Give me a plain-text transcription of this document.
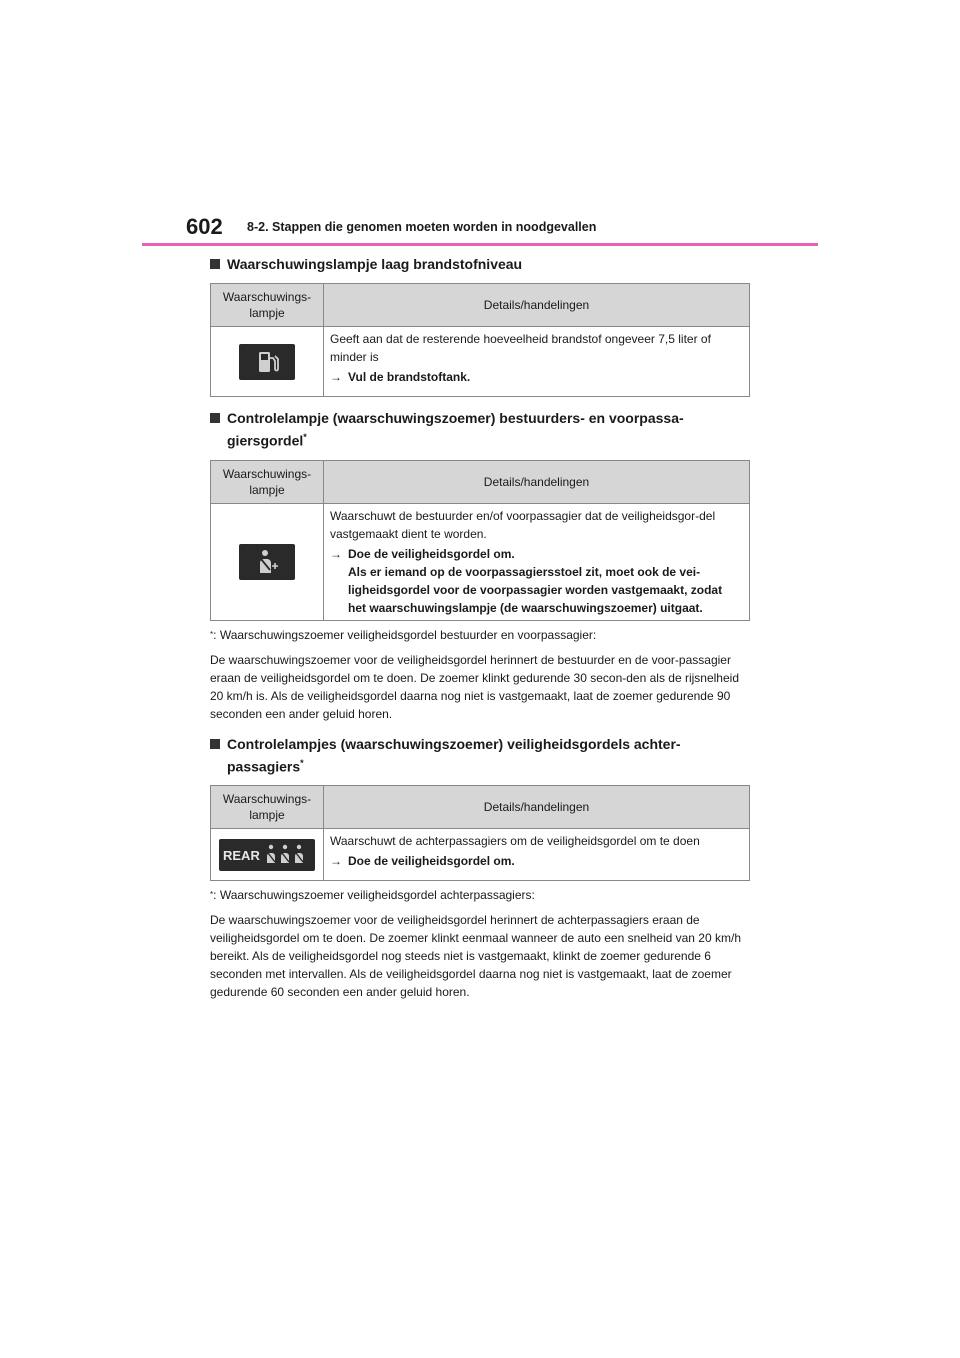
602 8-2. Stappen die genomen moeten worden in noodgevallen
Waarschuwingslampje laag brandstofniveau
Waarschuwings-
lampje	Details/handelingen

Geeft aan dat de resterende hoeveelheid brandstof ongeveer 7,5 liter of minder is
→ Vul de brandstoftank.
Controlelampje (waarschuwingszoemer) bestuurders- en voorpassa-giersgordel*
Waarschuwings-
lampje	Details/handelingen

Waarschuwt de bestuurder en/of voorpassagier dat de veiligheidsgor-del vastgemaakt dient te worden.
→ Doe de veiligheidsgordel om.
Als er iemand op de voorpassagiersstoel zit, moet ook de vei-ligheidsgordel voor de voorpassagier worden vastgemaakt, zodat het waarschuwingslampje (de waarschuwingszoemer) uitgaat.
*: Waarschuwingszoemer veiligheidsgordel bestuurder en voorpassagier:
De waarschuwingszoemer voor de veiligheidsgordel herinnert de bestuurder en de voor-passagier eraan de veiligheidsgordel om te doen. De zoemer klinkt gedurende 30 secon-den als de rijsnelheid 20 km/h is. Als de veiligheidsgordel daarna nog niet is vastgemaakt, laat de zoemer gedurende 90 seconden een ander geluid horen.
Controlelampjes (waarschuwingszoemer) veiligheidsgordels achter-passagiers*
Waarschuwings-
lampje	Details/handelingen

REAR	Waarschuwt de achterpassagiers om de veiligheidsgordel om te doen
→ Doe de veiligheidsgordel om.
*: Waarschuwingszoemer veiligheidsgordel achterpassagiers:
De waarschuwingszoemer voor de veiligheidsgordel herinnert de achterpassagiers eraan de veiligheidsgordel om te doen. De zoemer klinkt eenmaal wanneer de auto een snelheid van 20 km/h bereikt. Als de veiligheidsgordel nog steeds niet is vastgemaakt, klinkt de zoemer gedurende 6 seconden met intervallen. Als de veiligheidsgordel daarna nog niet is vastgemaakt, laat de zoemer gedurende 60 seconden een ander geluid horen.
